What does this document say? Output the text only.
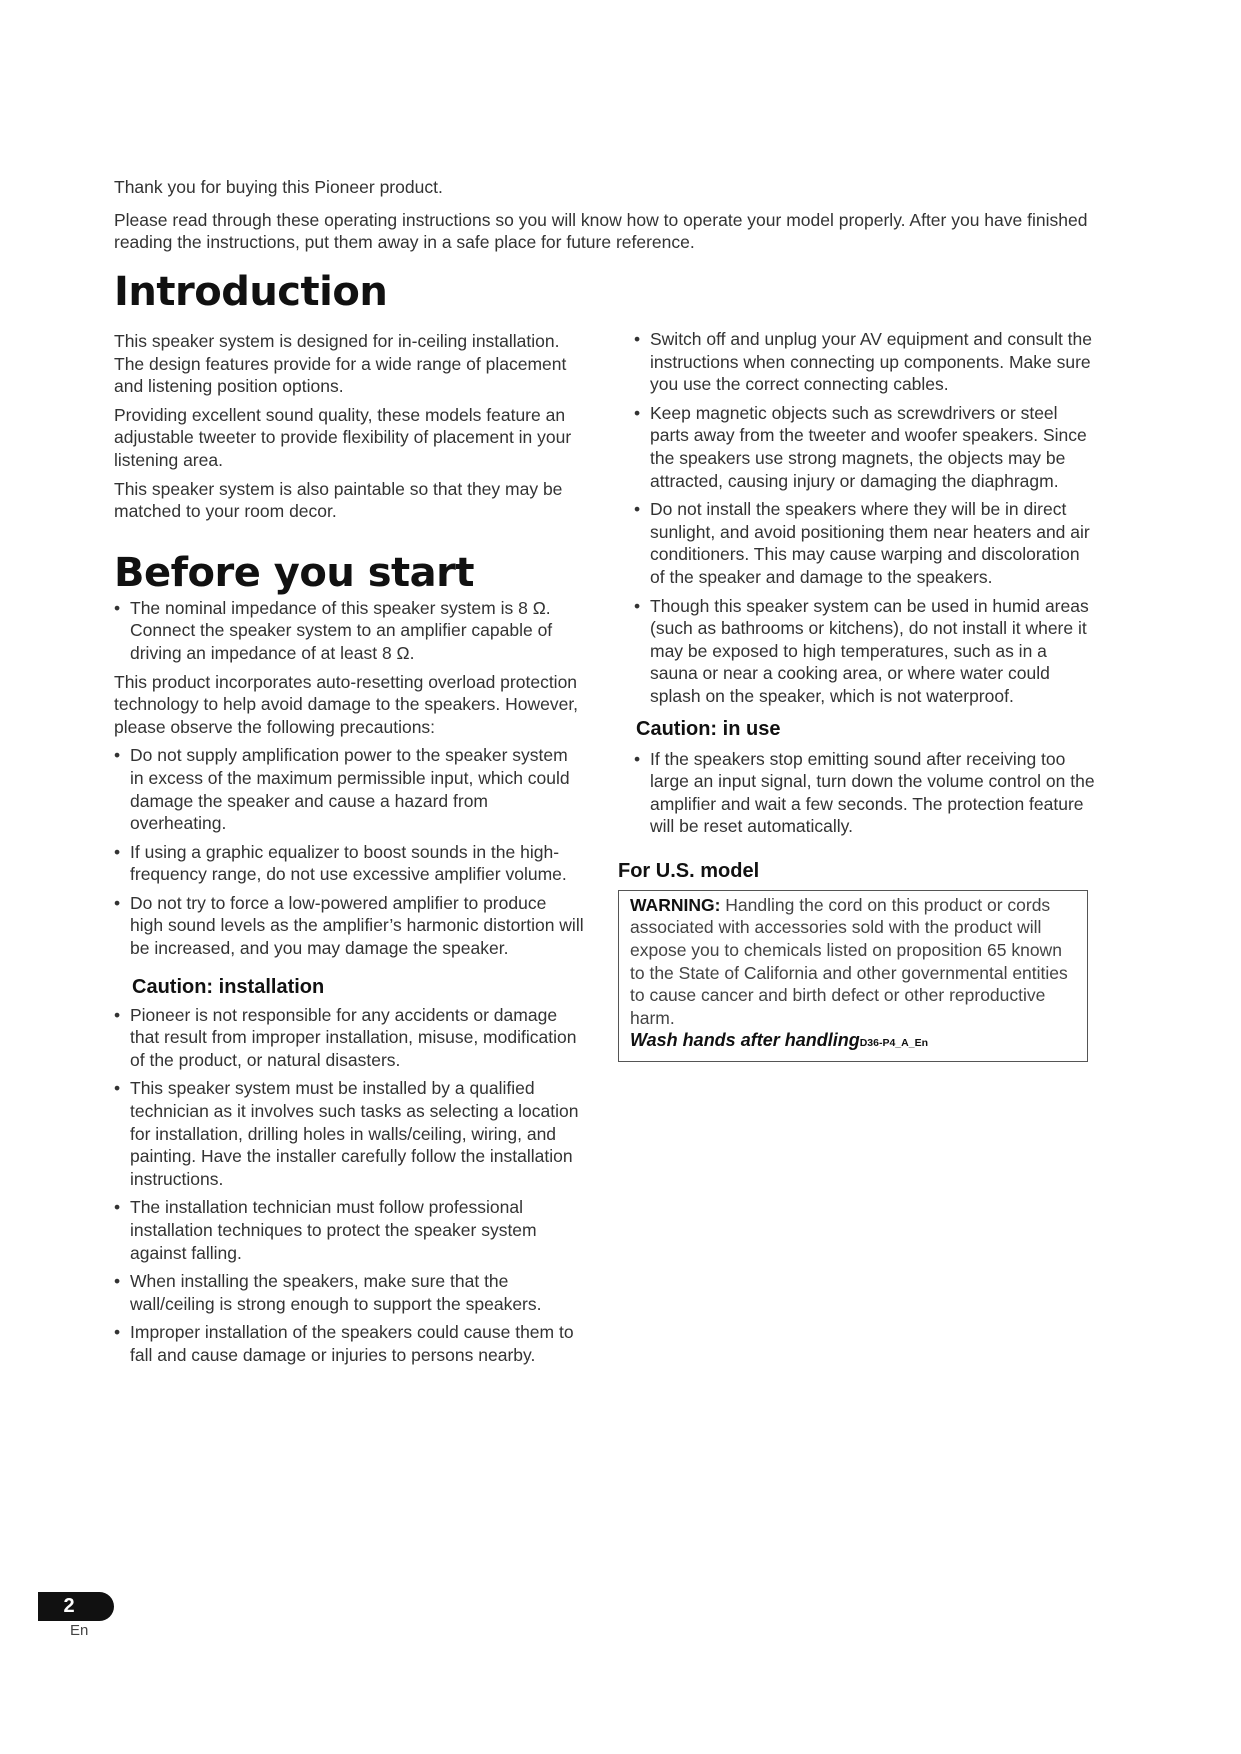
Thank you for buying this Pioneer product.

Please read through these operating instructions so you will know how to operate your model properly. After you have finished reading the instructions, put them away in a safe place for future reference.

Introduction

This speaker system is designed for in-ceiling installation. The design features provide for a wide range of placement and listening position options.

Providing excellent sound quality, these models feature an adjustable tweeter to provide flexibility of placement in your listening area.

This speaker system is also paintable so that they may be matched to your room decor.

Before you start
• The nominal impedance of this speaker system is 8 Ω. Connect the speaker system to an amplifier capable of driving an impedance of at least 8 Ω.

This product incorporates auto-resetting overload protection technology to help avoid damage to the speakers. However, please observe the following precautions:

• Do not supply amplification power to the speaker system in excess of the maximum permissible input, which could damage the speaker and cause a hazard from overheating.
• If using a graphic equalizer to boost sounds in the high-frequency range, do not use excessive amplifier volume.
• Do not try to force a low-powered amplifier to produce high sound levels as the amplifier’s harmonic distortion will be increased, and you may damage the speaker.
Caution: installation
• Pioneer is not responsible for any accidents or damage that result from improper installation, misuse, modification of the product, or natural disasters.
• This speaker system must be installed by a qualified technician as it involves such tasks as selecting a location for installation, drilling holes in walls/ceiling, wiring, and painting. Have the installer carefully follow the installation instructions.
• The installation technician must follow professional installation techniques to protect the speaker system against falling.
• When installing the speakers, make sure that the wall/ceiling is strong enough to support the speakers.
• Improper installation of the speakers could cause them to fall and cause damage or injuries to persons nearby.
• Switch off and unplug your AV equipment and consult the instructions when connecting up components. Make sure you use the correct connecting cables.
• Keep magnetic objects such as screwdrivers or steel parts away from the tweeter and woofer speakers. Since the speakers use strong magnets, the objects may be attracted, causing injury or damaging the diaphragm.
• Do not install the speakers where they will be in direct sunlight, and avoid positioning them near heaters and air conditioners. This may cause warping and discoloration of the speaker and damage to the speakers.
• Though this speaker system can be used in humid areas (such as bathrooms or kitchens), do not install it where it may be exposed to high temperatures, such as in a sauna or near a cooking area, or where water could splash on the speaker, which is not waterproof.
Caution: in use
• If the speakers stop emitting sound after receiving too large an input signal, turn down the volume control on the amplifier and wait a few seconds. The protection feature will be reset automatically.
For U.S. model
WARNING: Handling the cord on this product or cords associated with accessories sold with the product will expose you to chemicals listed on proposition 65 known to the State of California and other governmental entities to cause cancer and birth defect or other reproductive harm.
Wash hands after handlingD36-P4_A_En
2
En
